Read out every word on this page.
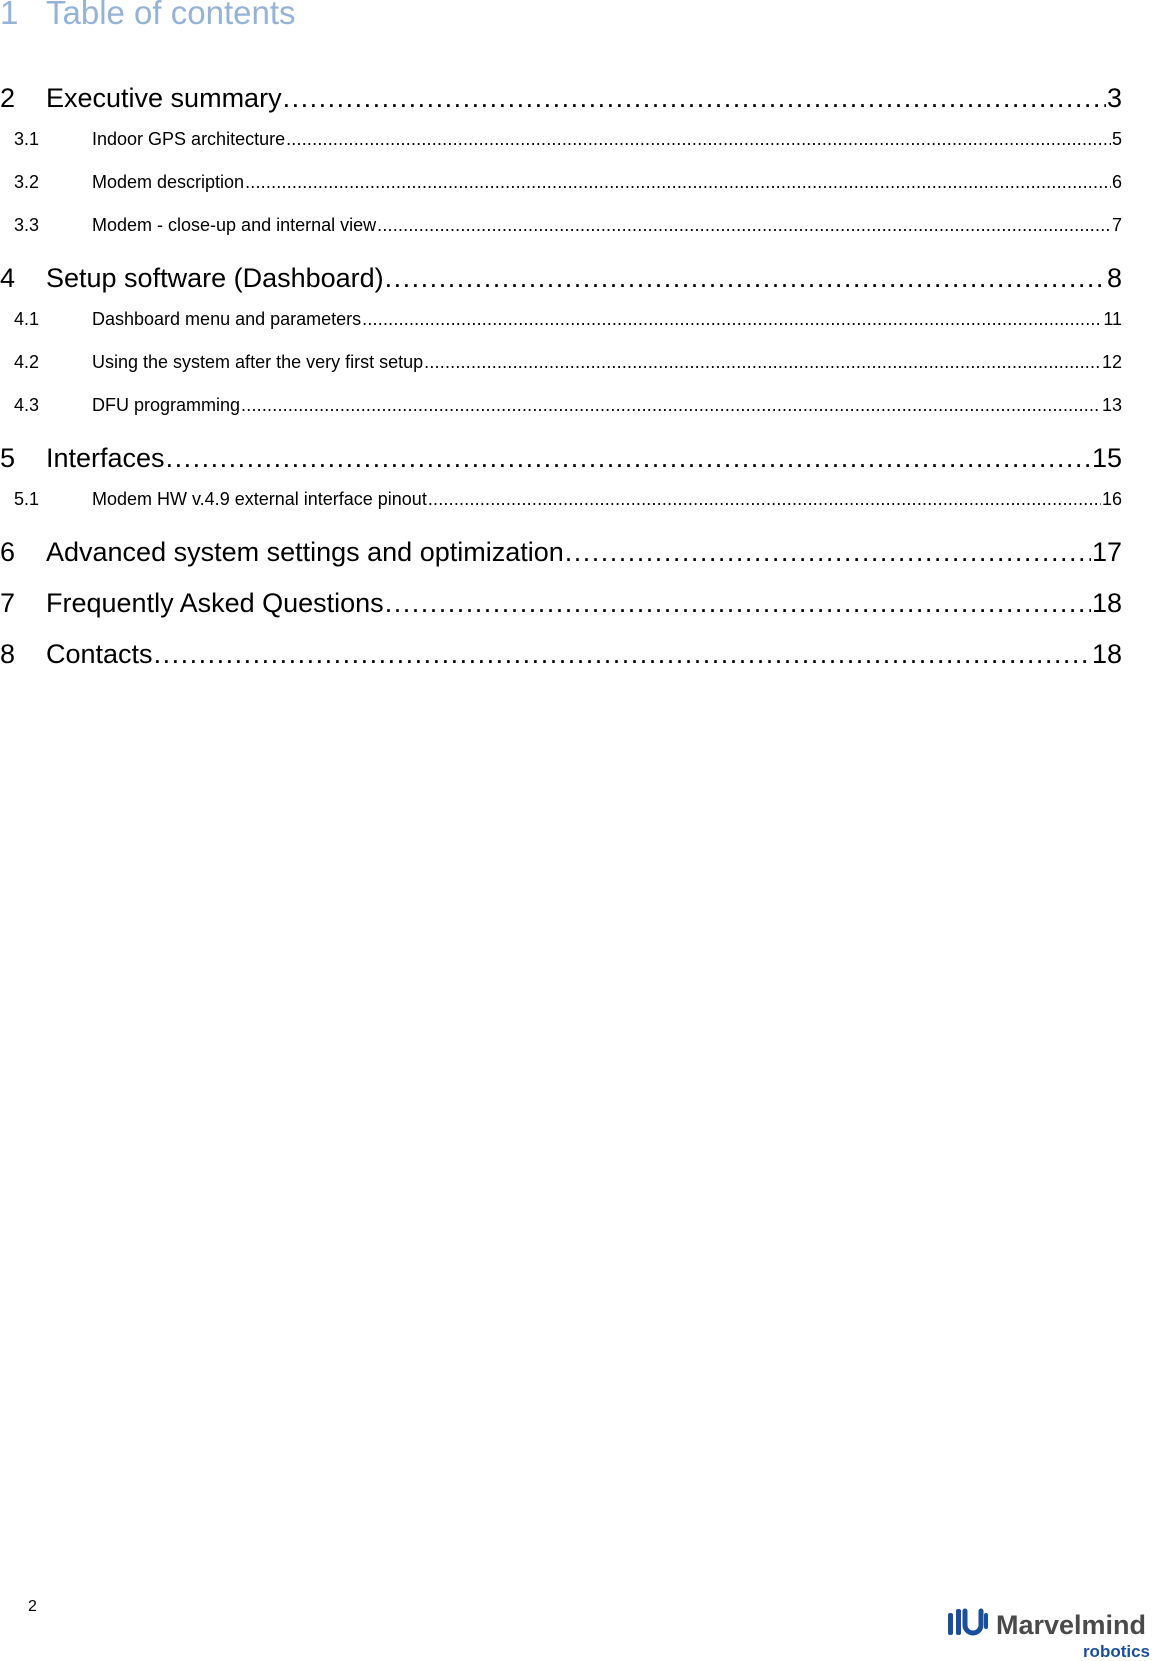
1 Table of contents
2	Executive summary . . .	3
3.1	Indoor GPS architecture . . .	5
3.2	Modem description . . .	6
3.3	Modem - close-up and internal view . . .	7
4	Setup software (Dashboard) . . .	8
4.1	Dashboard menu and parameters . . .	11
4.2	Using the system after the very first setup . . .	12
4.3	DFU programming . . .	13
5	Interfaces . . .	15
5.1	Modem HW v.4.9 external interface pinout . . .	16
6	Advanced system settings and optimization . . .	17
7	Frequently Asked Questions . . .	18
8	Contacts . . .	18
2
Marvelmind
robotics
